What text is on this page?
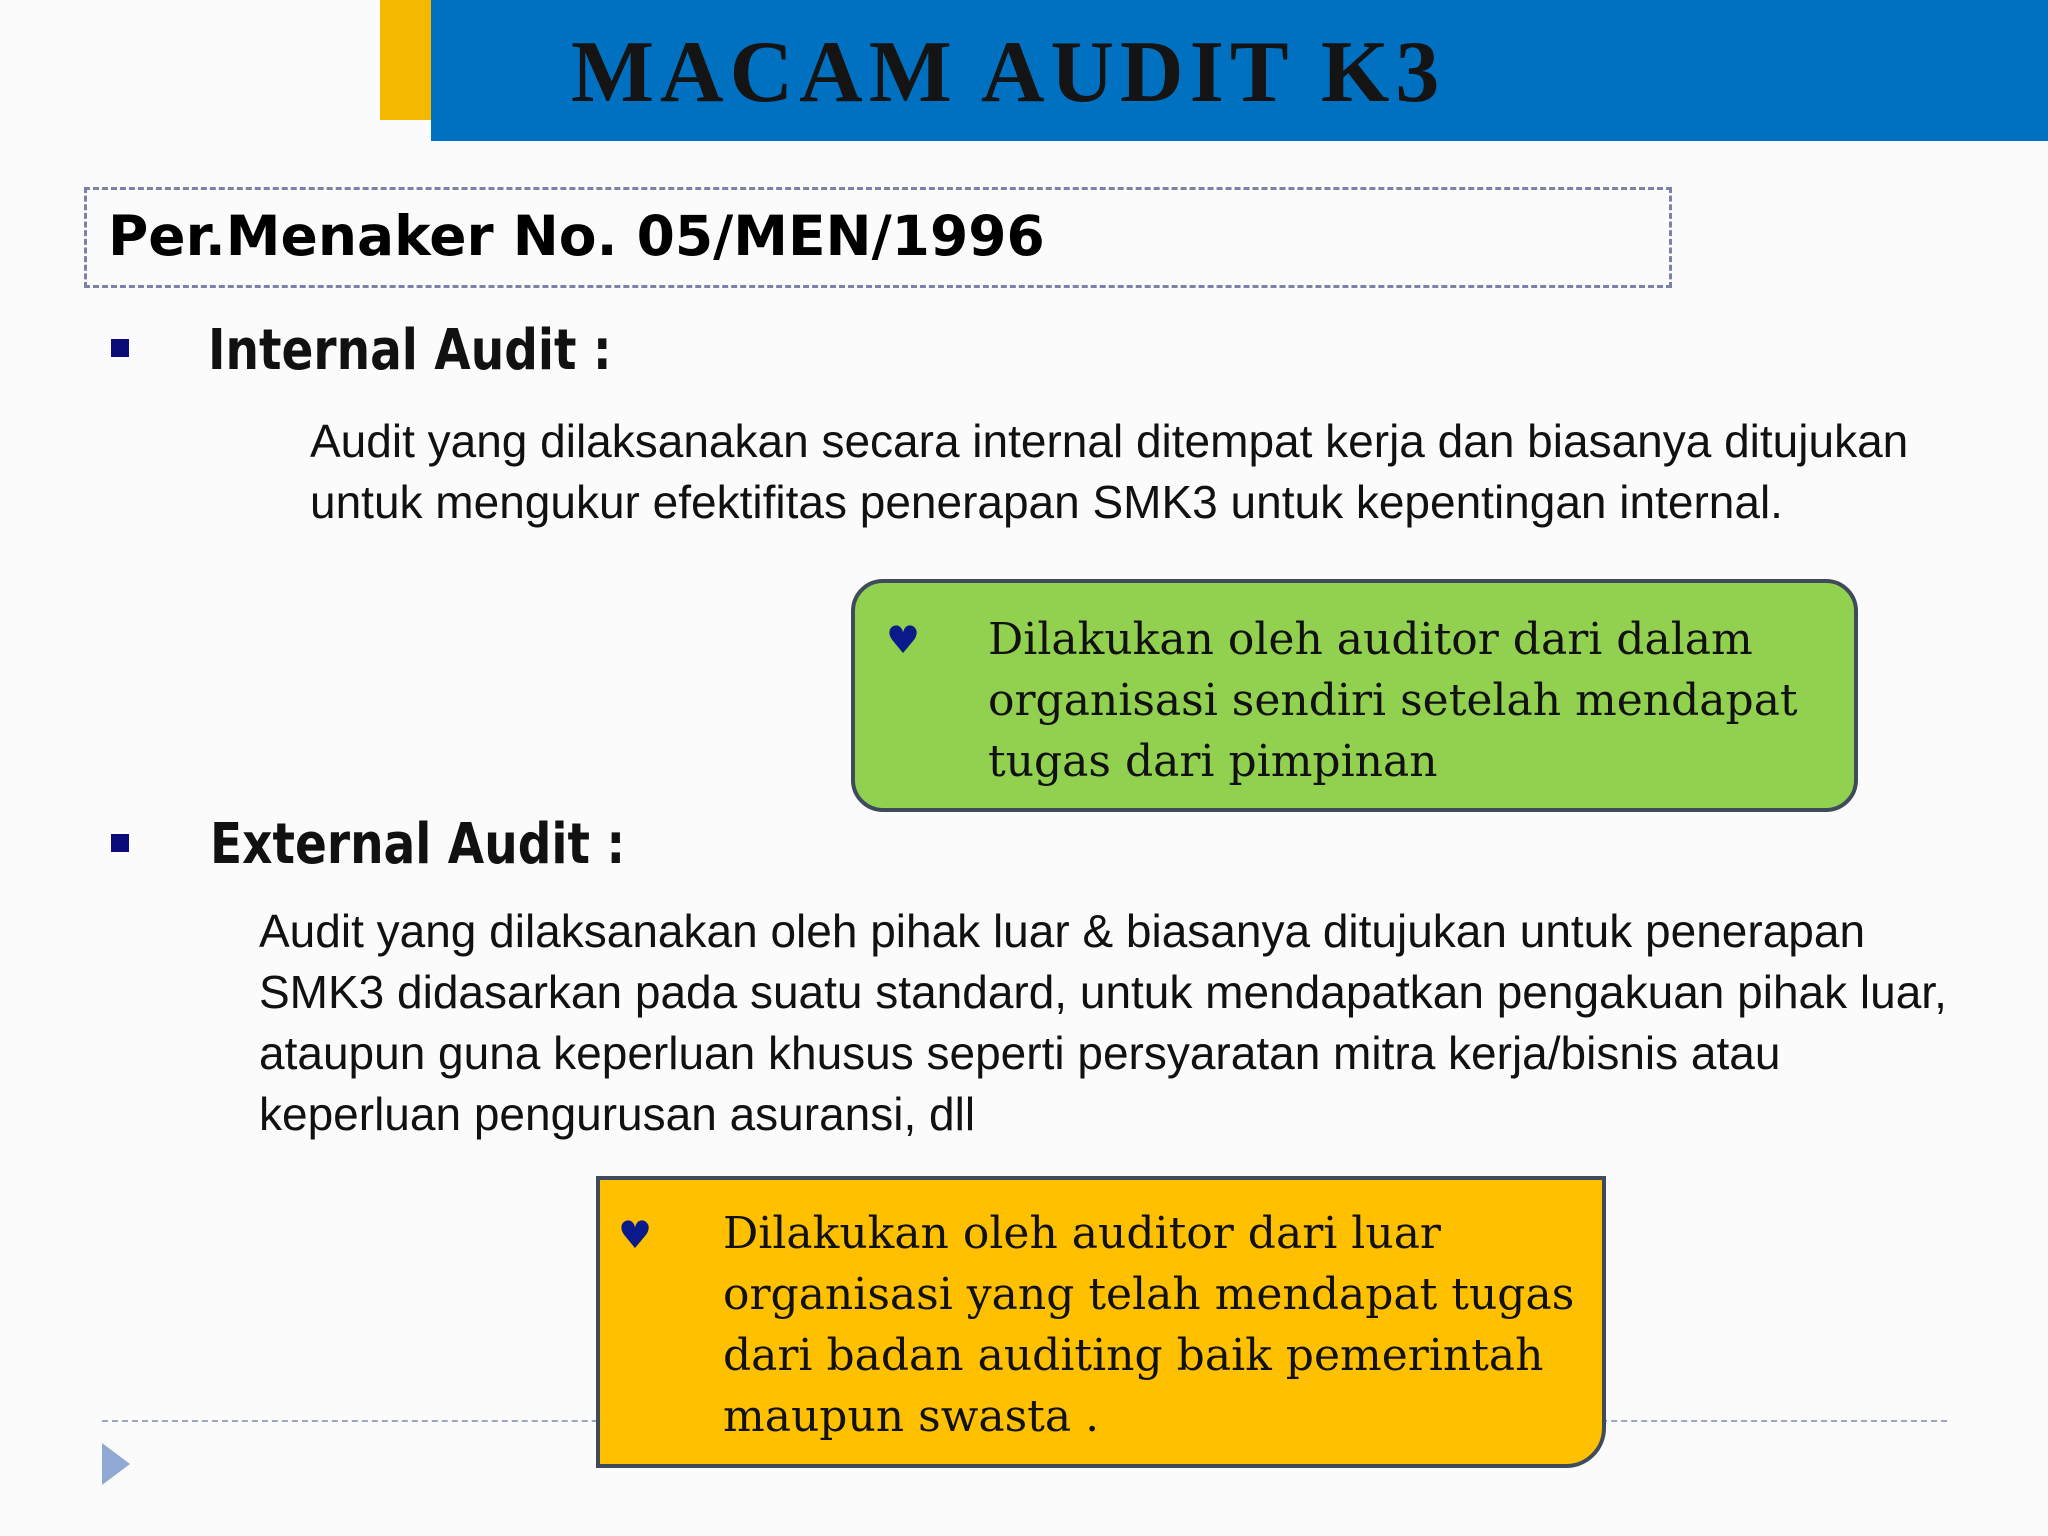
MACAM AUDIT K3
Per.Menaker No. 05/MEN/1996
Internal Audit :

Audit yang dilaksanakan secara internal ditempat kerja dan biasanya ditujukan untuk mengukur efektifitas penerapan SMK3 untuk kepentingan internal.

♥ Dilakukan oleh auditor dari dalam organisasi sendiri setelah mendapat tugas dari pimpinan

External Audit :

Audit yang dilaksanakan oleh pihak luar & biasanya ditujukan untuk penerapan SMK3 didasarkan pada suatu standard, untuk mendapatkan pengakuan pihak luar, ataupun guna keperluan khusus seperti persyaratan mitra kerja/bisnis atau keperluan pengurusan asuransi, dll

♥ Dilakukan oleh auditor dari luar organisasi yang telah mendapat tugas dari badan auditing baik pemerintah maupun swasta .
